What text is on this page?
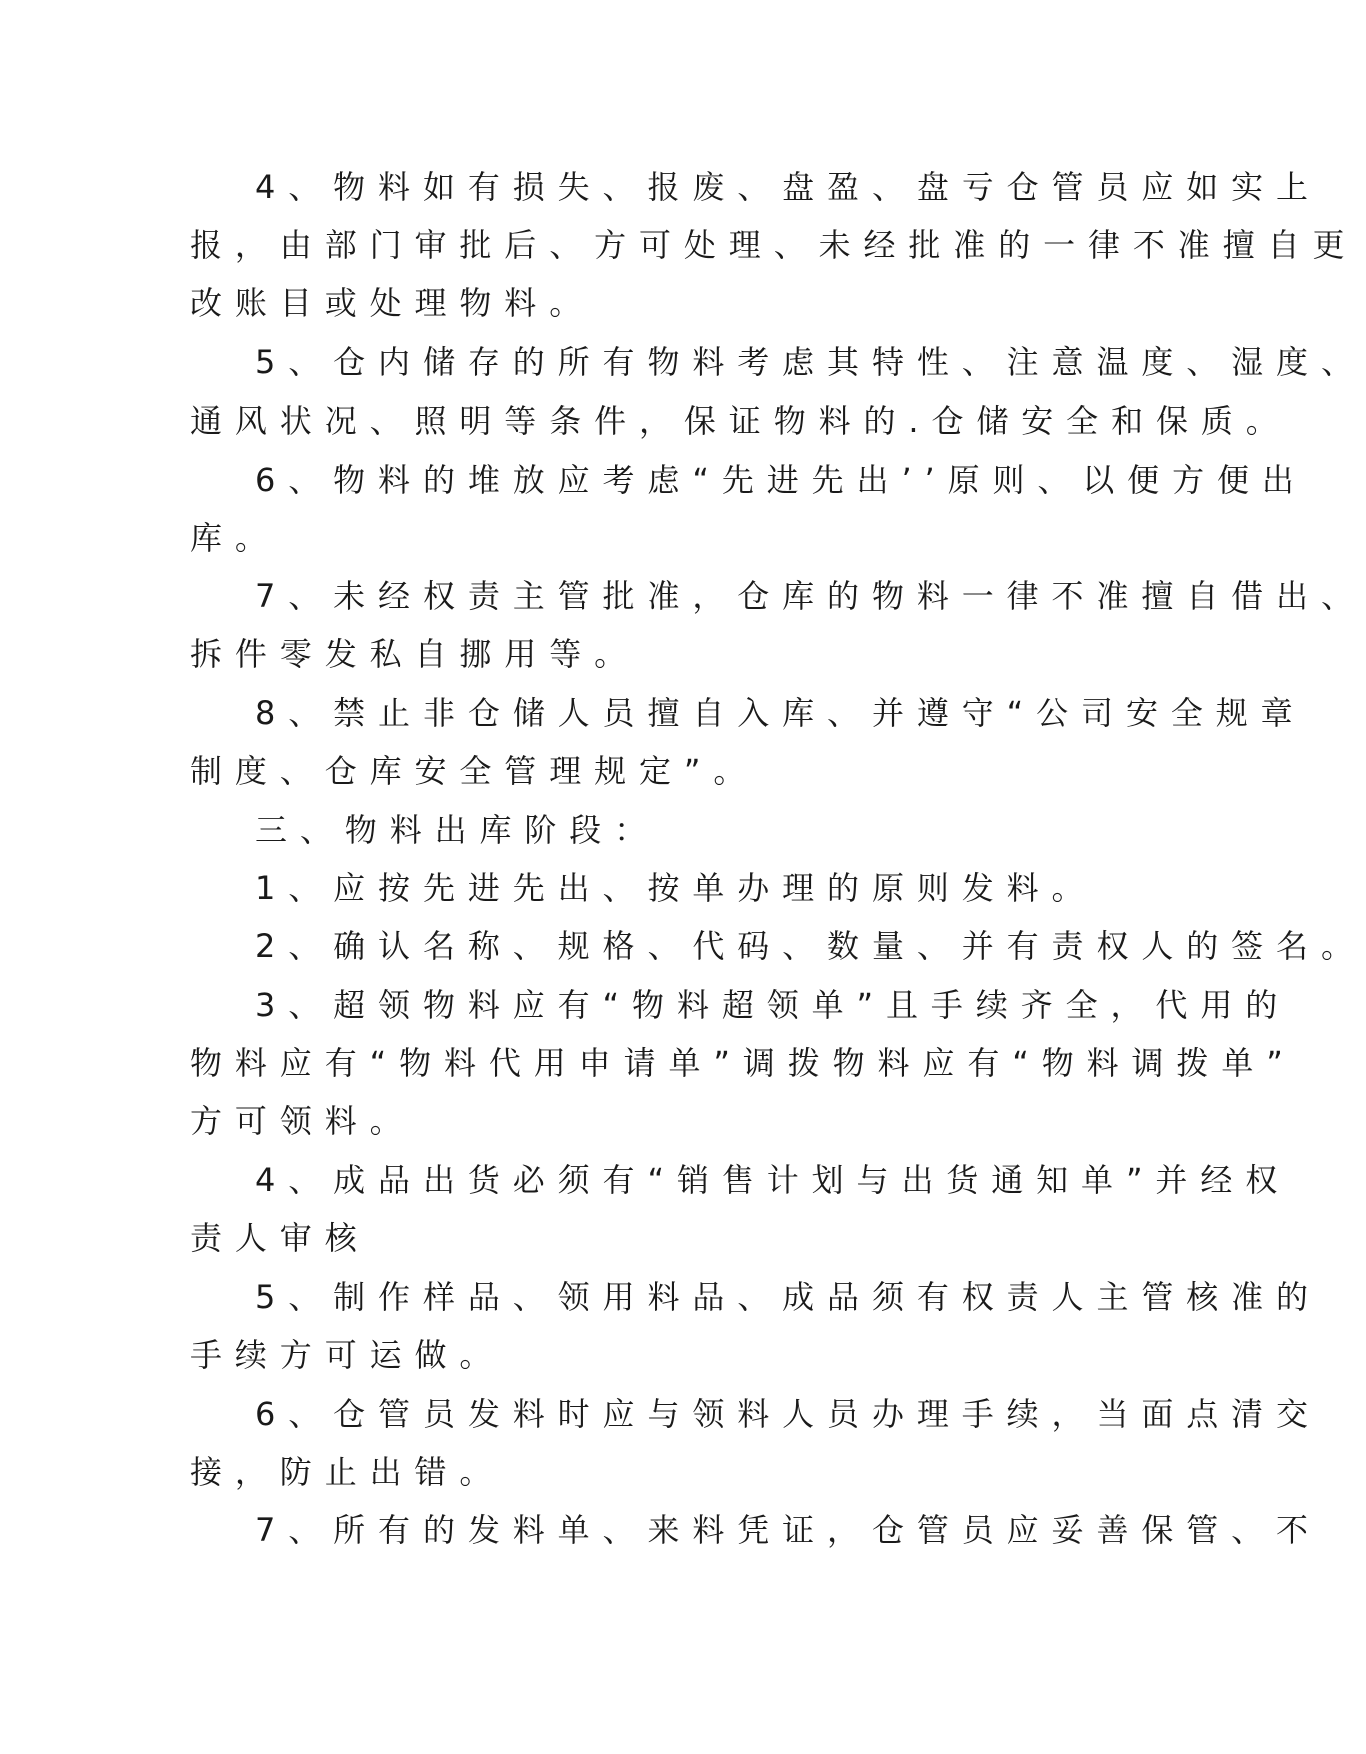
4、物料如有损失、报废、盘盈、盘亏仓管员应如实上
报，由部门审批后、方可处理、未经批准的一律不准擅自更
改账目或处理物料。
5、仓内储存的所有物料考虑其特性、注意温度、湿度、
通风状况、照明等条件，保证物料的.仓储安全和保质。
6、物料的堆放应考虑“先进先出’’原则、以便方便出
库。
7、未经权责主管批准，仓库的物料一律不准擅自借出、
拆件零发私自挪用等。
8、禁止非仓储人员擅自入库、并遵守“公司安全规章
制度、仓库安全管理规定”。
三、物料出库阶段：
1、应按先进先出、按单办理的原则发料。
2、确认名称、规格、代码、数量、并有责权人的签名。
3、超领物料应有“物料超领单”且手续齐全，代用的
物料应有“物料代用申请单”调拨物料应有“物料调拨单”
方可领料。
4、成品出货必须有“销售计划与出货通知单”并经权
责人审核
5、制作样品、领用料品、成品须有权责人主管核准的
手续方可运做。
6、仓管员发料时应与领料人员办理手续，当面点清交
接，防止出错。
7、所有的发料单、来料凭证，仓管员应妥善保管、不
